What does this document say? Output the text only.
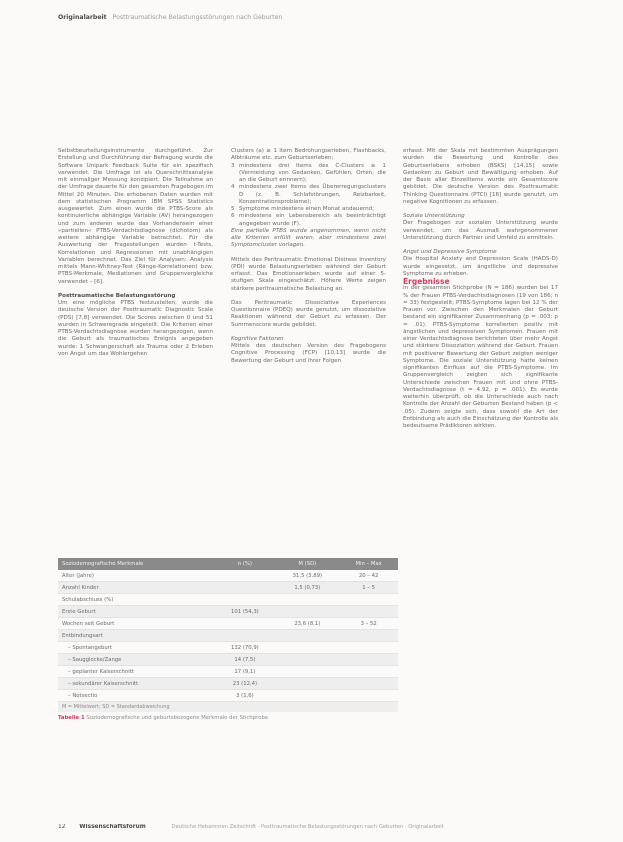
Originalarbeit Posttraumatische Belastungsstörungen nach Geburten

Selbstbeurteilungsinstrumente durchgeführt. Zur Erstellung und Durchführung der Befragung wurde die Software Unipark Feedback Suite für ein spezifisch verwendet. Die Umfrage ist als Querschnittsanalyse mit einmaliger Messung konzipiert. Die Teilnahme an der Umfrage dauerte für den gesamten Fragebogen im Mittel 20 Minuten. Die erhobenen Daten wurden mit dem statistischen Programm IBM SPSS Statistics ausgewertet. Zum einen wurde die PTBS-Score als kontinuierliche abhängige Variable (AV) herangezogen und zum anderen wurde das Vorhandensein einer »partiellen« PTBS-Verdachtsdiagnose (dichotom) als weitere abhängige Variable betrachtet. Für die Auswertung der Fragestellungen wurden t-Tests, Korrelationen und Regressionen mit unabhängigen Variablen berechnet. Das Ziel für Analysen: Analysis mittels Mann-Whitney-Test (Ränge-Korrelationen) bzw. PTBS-Merkmale, Mediationen und Gruppenvergleiche verwendet – [6].

Posttraumatische Belastungsstörung

Um eine mögliche PTBS festzustellen, wurde die deutsche Version der Posttraumatic Diagnostic Scale (PDS) [7,8] verwendet. Die Scores zwischen 0 und 51 wurden in Schweregrade eingeteilt. Die Kriterien einer PTBS-Verdachtsdiagnose wurden herangezogen, wenn die Geburt als traumatisches Ereignis angegeben wurde: 1 Schwangerschaft als Trauma oder 2 Erleben von Angst um das Wohlergehen

Clusters (a) ≥ 1 Item Bedrohungserleben, Flashbacks, Albträume etc. zum Geburtserleben;

3 mindestens drei Items des C-Clusters ≥ 1 (Vermeidung von Gedanken, Gefühlen, Orten, die an die Geburt erinnern);
4 mindestens zwei Items des Übererregungsclusters D (z. B. Schlafstörungen, Reizbarkeit, Konzentrationsprobleme);
5 Symptome mindestens einen Monat andauernd;
6 mindestens ein Lebensbereich als beeinträchtigt angegeben wurde (F).

Eine partielle PTBS wurde angenommen, wenn nicht alle Kriterien erfüllt waren, aber mindestens zwei Symptomcluster vorlagen.

Mittels des Peritraumatic Emotional Distress Inventory (PDI) wurde Belastungserleben während der Geburt erfasst. Das Emotionserleben wurde auf einer 5-stufigen Skala eingeschätzt. Höhere Werte zeigen stärkere peritraumatische Belastung an.

Das Peritraumatic Dissociative Experiences Questionnaire (PDEQ) wurde genutzt, um dissoziative Reaktionen während der Geburt zu erfassen. Der Summenscore wurde gebildet.

Kognitive Faktoren

Mittels des deutschen Version des Fragebogens Cognitive Processing (FCP) [10,13] wurde die Bewertung der Geburt und ihrer Folgen

erfasst. Mit der Skala mit bestimmten Ausprägungen wurden die Bewertung und Kontrolle des Geburtserlebens erhoben (BSKS) [14,15] sowie Gedanken zu Geburt und Bewältigung erhoben. Auf der Basis aller Einzelitems wurde ein Gesamtscore gebildet. Die deutsche Version des Posttraumatic Thinking Questionnaire (PTCI) [16] wurde genutzt, um negative Kognitionen zu erfassen.

Soziale Unterstützung

Der Fragebogen zur sozialen Unterstützung wurde verwendet, um das Ausmaß wahrgenommener Unterstützung durch Partner und Umfeld zu ermitteln.

Angst und Depressive Symptome

Die Hospital Anxiety and Depression Scale (HADS-D) wurde eingesetzt, um ängstliche und depressive Symptome zu erheben.

Ergebnisse

In der gesamten Stichprobe (N = 186) wurden bei 17 % der Frauen PTBS-Verdachtsdiagnosen (19 von 186; n = 33) festgestellt; PTBS-Symptome lagen bei 12 % der Frauen vor. Zwischen den Merkmalen der Geburt bestand ein signifikanter Zusammenhang (p = .003; p = .01). PTBS-Symptome korrelierten positiv mit ängstlichen und depressiven Symptomen. Frauen mit einer Verdachtsdiagnose berichteten über mehr Angst und stärkere Dissoziation während der Geburt. Frauen mit positiverer Bewertung der Geburt zeigten weniger Symptome. Die soziale Unterstützung hatte keinen signifikanten Einfluss auf die PTBS-Symptome. Im Gruppenvergleich zeigten sich signifikante Unterschiede zwischen Frauen mit und ohne PTBS-Verdachtsdiagnose (t = 4.92, p = .001). Es wurde weiterhin überprüft, ob die Unterschiede auch nach Kontrolle der Anzahl der Geburten Bestand haben (p < .05). Zudem zeigte sich, dass sowohl die Art der Entbindung als auch die Einschätzung der Kontrolle als bedeutsame Prädiktoren wirkten.

Soziodemografische Merkmale	n (%)	M (SD)	Min – Max
Alter (Jahre)		31,5 (3,89)	20 – 42
Anzahl Kinder		1,5 (0,73)	1 – 5
Schulabschluss (%)			
Erste Geburt	101 (54,3)		
Wochen seit Geburt		23,6 (8,1)	3 – 52
Entbindungsart			
– Spontangeburt	132 (70,9)		
– Saugglocke/Zange	14 (7,5)		
– geplanter Kaiserschnitt	17 (9,1)		
– sekundärer Kaiserschnitt	23 (12,4)		
– Notsectio	3 (1,6)		
M = Mittelwert; SD = Standardabweichung
Tabelle 1 Soziodemografische und geburtsbezogene Merkmale der Stichprobe
12 Wissenschaftsforum	Deutsche Hebammen Zeitschrift · Posttraumatische Belastungsstörungen nach Geburten · Originalarbeit
